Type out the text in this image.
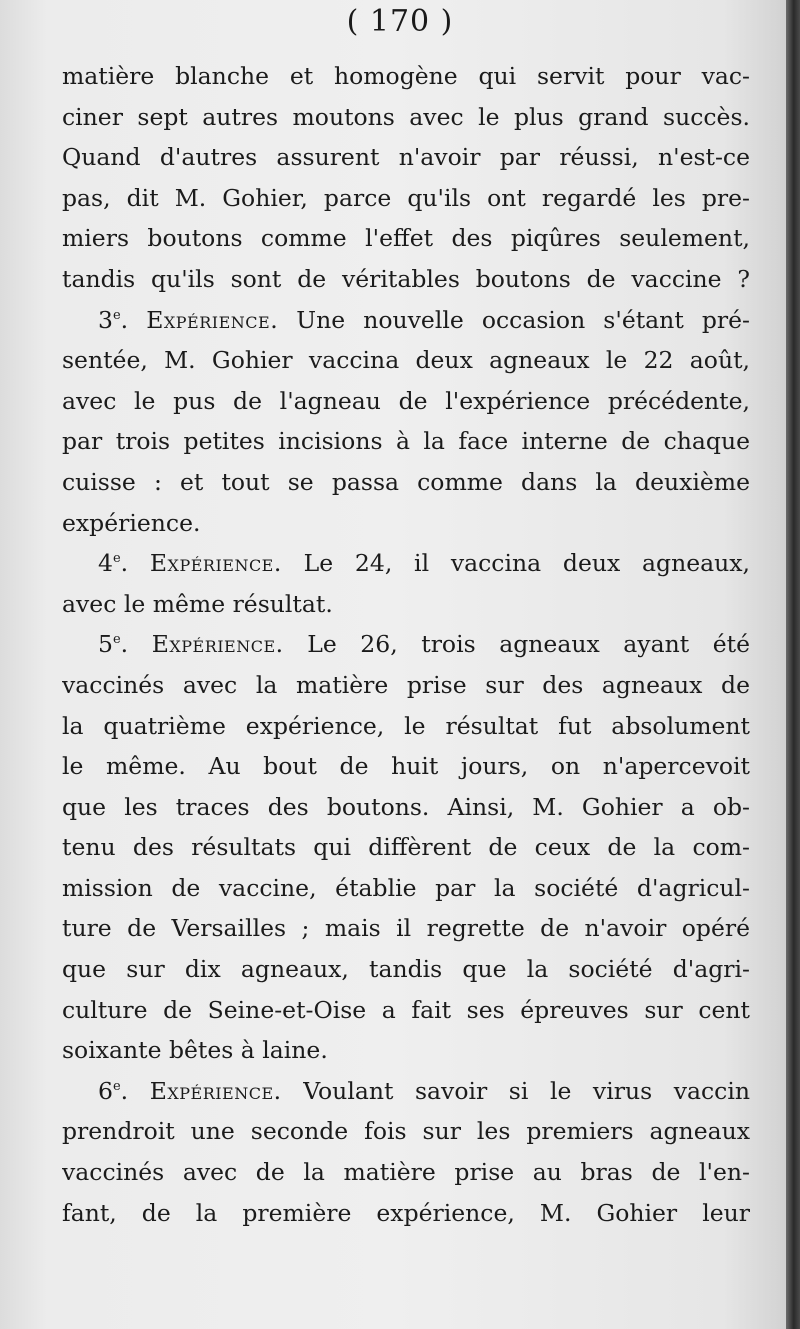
( 170 )
matière blanche et homogène qui servit pour vac-
ciner sept autres moutons avec le plus grand succès.
Quand d'autres assurent n'avoir par réussi, n'est-ce
pas, dit M. Gohier, parce qu'ils ont regardé les pre-
miers boutons comme l'effet des piqûres seulement,
tandis qu'ils sont de véritables boutons de vaccine ?
3e. Expérience. Une nouvelle occasion s'étant pré-
sentée, M. Gohier vaccina deux agneaux le 22 août,
avec le pus de l'agneau de l'expérience précédente,
par trois petites incisions à la face interne de chaque
cuisse : et tout se passa comme dans la deuxième
expérience.
4e. Expérience. Le 24, il vaccina deux agneaux,
avec le même résultat.
5e. Expérience. Le 26, trois agneaux ayant été
vaccinés avec la matière prise sur des agneaux de
la quatrième expérience, le résultat fut absolument
le même. Au bout de huit jours, on n'apercevoit
que les traces des boutons. Ainsi, M. Gohier a ob-
tenu des résultats qui diffèrent de ceux de la com-
mission de vaccine, établie par la société d'agricul-
ture de Versailles ; mais il regrette de n'avoir opéré
que sur dix agneaux, tandis que la société d'agri-
culture de Seine-et-Oise a fait ses épreuves sur cent
soixante bêtes à laine.
6e. Expérience. Voulant savoir si le virus vaccin
prendroit une seconde fois sur les premiers agneaux
vaccinés avec de la matière prise au bras de l'en-
fant, de la première expérience, M. Gohier leur
